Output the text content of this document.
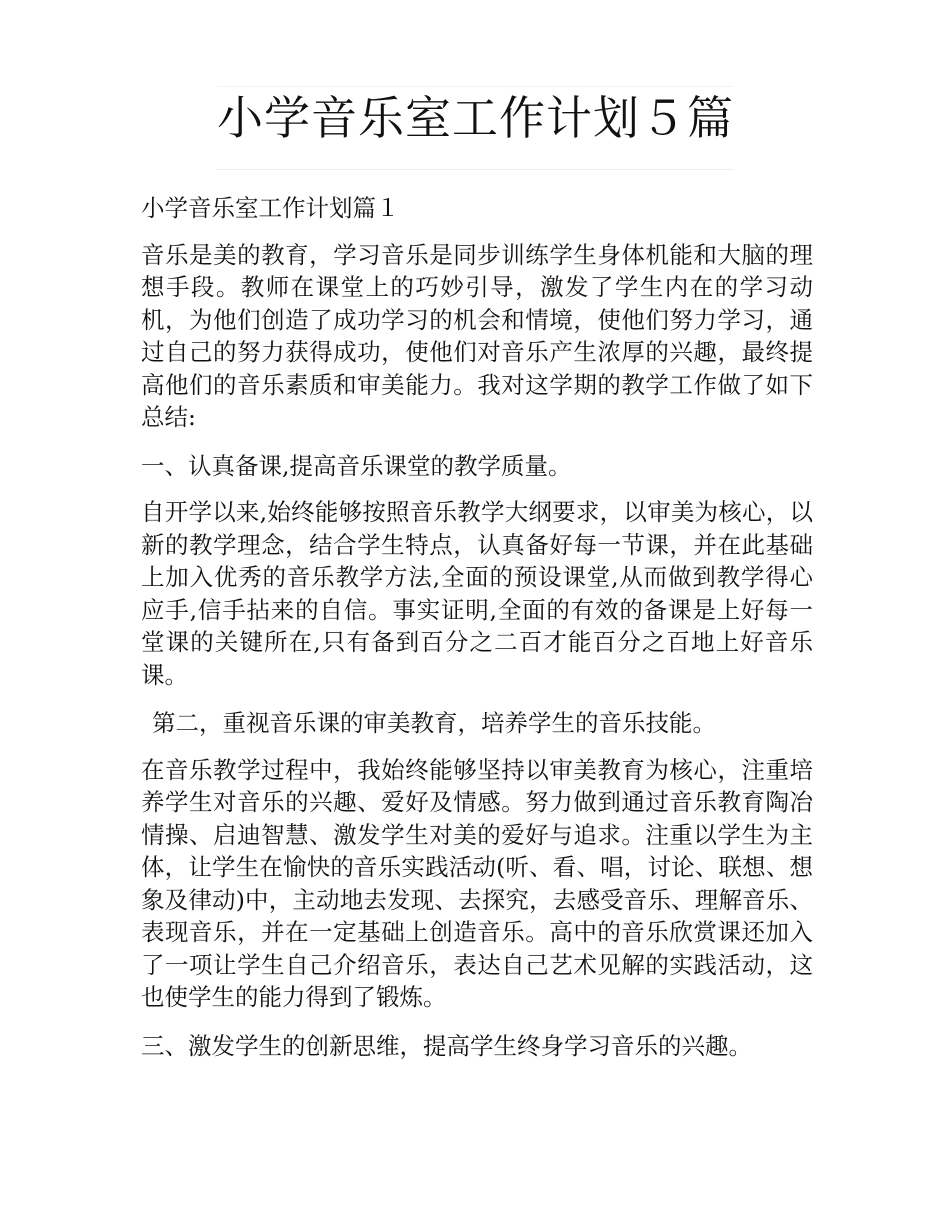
小学音乐室工作计划５篇

小学音乐室工作计划篇１

音乐是美的教育，学习音乐是同步训练学生身体机能和大脑的理想手段。教师在课堂上的巧妙引导，激发了学生内在的学习动机，为他们创造了成功学习的机会和情境，使他们努力学习，通过自己的努力获得成功，使他们对音乐产生浓厚的兴趣，最终提高他们的音乐素质和审美能力。我对这学期的教学工作做了如下总结:

一、认真备课,提高音乐课堂的教学质量。

自开学以来,始终能够按照音乐教学大纲要求，以审美为核心，以新的教学理念，结合学生特点，认真备好每一节课，并在此基础上加入优秀的音乐教学方法,全面的预设课堂,从而做到教学得心应手,信手拈来的自信。事实证明,全面的有效的备课是上好每一堂课的关键所在,只有备到百分之二百才能百分之百地上好音乐课。

第二，重视音乐课的审美教育，培养学生的音乐技能。

在音乐教学过程中，我始终能够坚持以审美教育为核心，注重培养学生对音乐的兴趣、爱好及情感。努力做到通过音乐教育陶冶情操、启迪智慧、激发学生对美的爱好与追求。注重以学生为主体，让学生在愉快的音乐实践活动(听、看、唱，讨论、联想、想象及律动)中，主动地去发现、去探究，去感受音乐、理解音乐、表现音乐，并在一定基础上创造音乐。高中的音乐欣赏课还加入了一项让学生自己介绍音乐，表达自己艺术见解的实践活动，这也使学生的能力得到了锻炼。

三、激发学生的创新思维，提高学生终身学习音乐的兴趣。
